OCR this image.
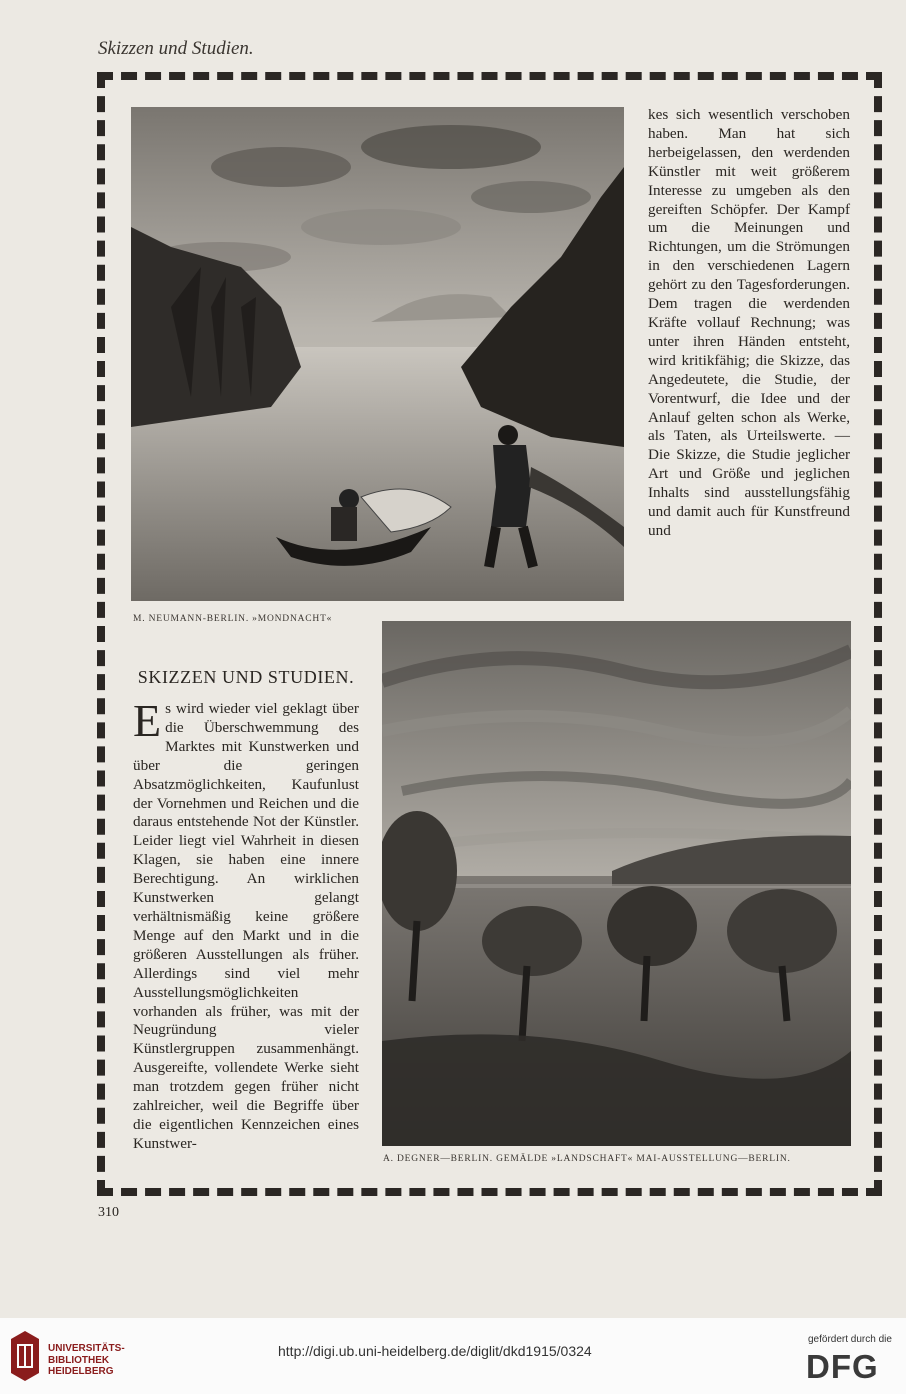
Skizzen und Studien.
M. NEUMANN-BERLIN. »MONDNACHT«
A. DEGNER—BERLIN. GEMÄLDE »LANDSCHAFT« MAI-AUSSTELLUNG—BERLIN.
kes sich wesentlich verschoben haben. Man hat sich herbeigelassen, den werdenden Künstler mit weit größerem Interesse zu umgeben als den gereiften Schöpfer. Der Kampf um die Meinungen und Richtungen, um die Strömungen in den verschiedenen Lagern gehört zu den Tagesforderungen. Dem tragen die werdenden Kräfte vollauf Rechnung; was unter ihren Händen entsteht, wird kritikfähig; die Skizze, das Angedeutete, die Studie, der Vorentwurf, die Idee und der Anlauf gelten schon als Werke, als Taten, als Urteilswerte. — Die Skizze, die Studie jeglicher Art und Größe und jeglichen Inhalts sind ausstellungsfähig und damit auch für Kunstfreund und
SKIZZEN UND STUDIEN.
Es wird wieder viel geklagt über die Überschwemmung des Marktes mit Kunstwerken und über die geringen Absatzmöglichkeiten, Kaufunlust der Vornehmen und Reichen und die daraus entstehende Not der Künstler. Leider liegt viel Wahrheit in diesen Klagen, sie haben eine innere Berechtigung. An wirklichen Kunstwerken gelangt verhältnismäßig keine größere Menge auf den Markt und in die größeren Ausstellungen als früher. Allerdings sind viel mehr Ausstellungsmöglichkeiten vorhanden als früher, was mit der Neugründung vieler Künstlergruppen zusammenhängt. Ausgereifte, vollendete Werke sieht man trotzdem gegen früher nicht zahlreicher, weil die Begriffe über die eigentlichen Kennzeichen eines Kunstwer-
310
UNIVERSITÄTS-
BIBLIOTHEK
HEIDELBERG
http://digi.ub.uni-heidelberg.de/diglit/dkd1915/0324
gefördert durch die
DFG
